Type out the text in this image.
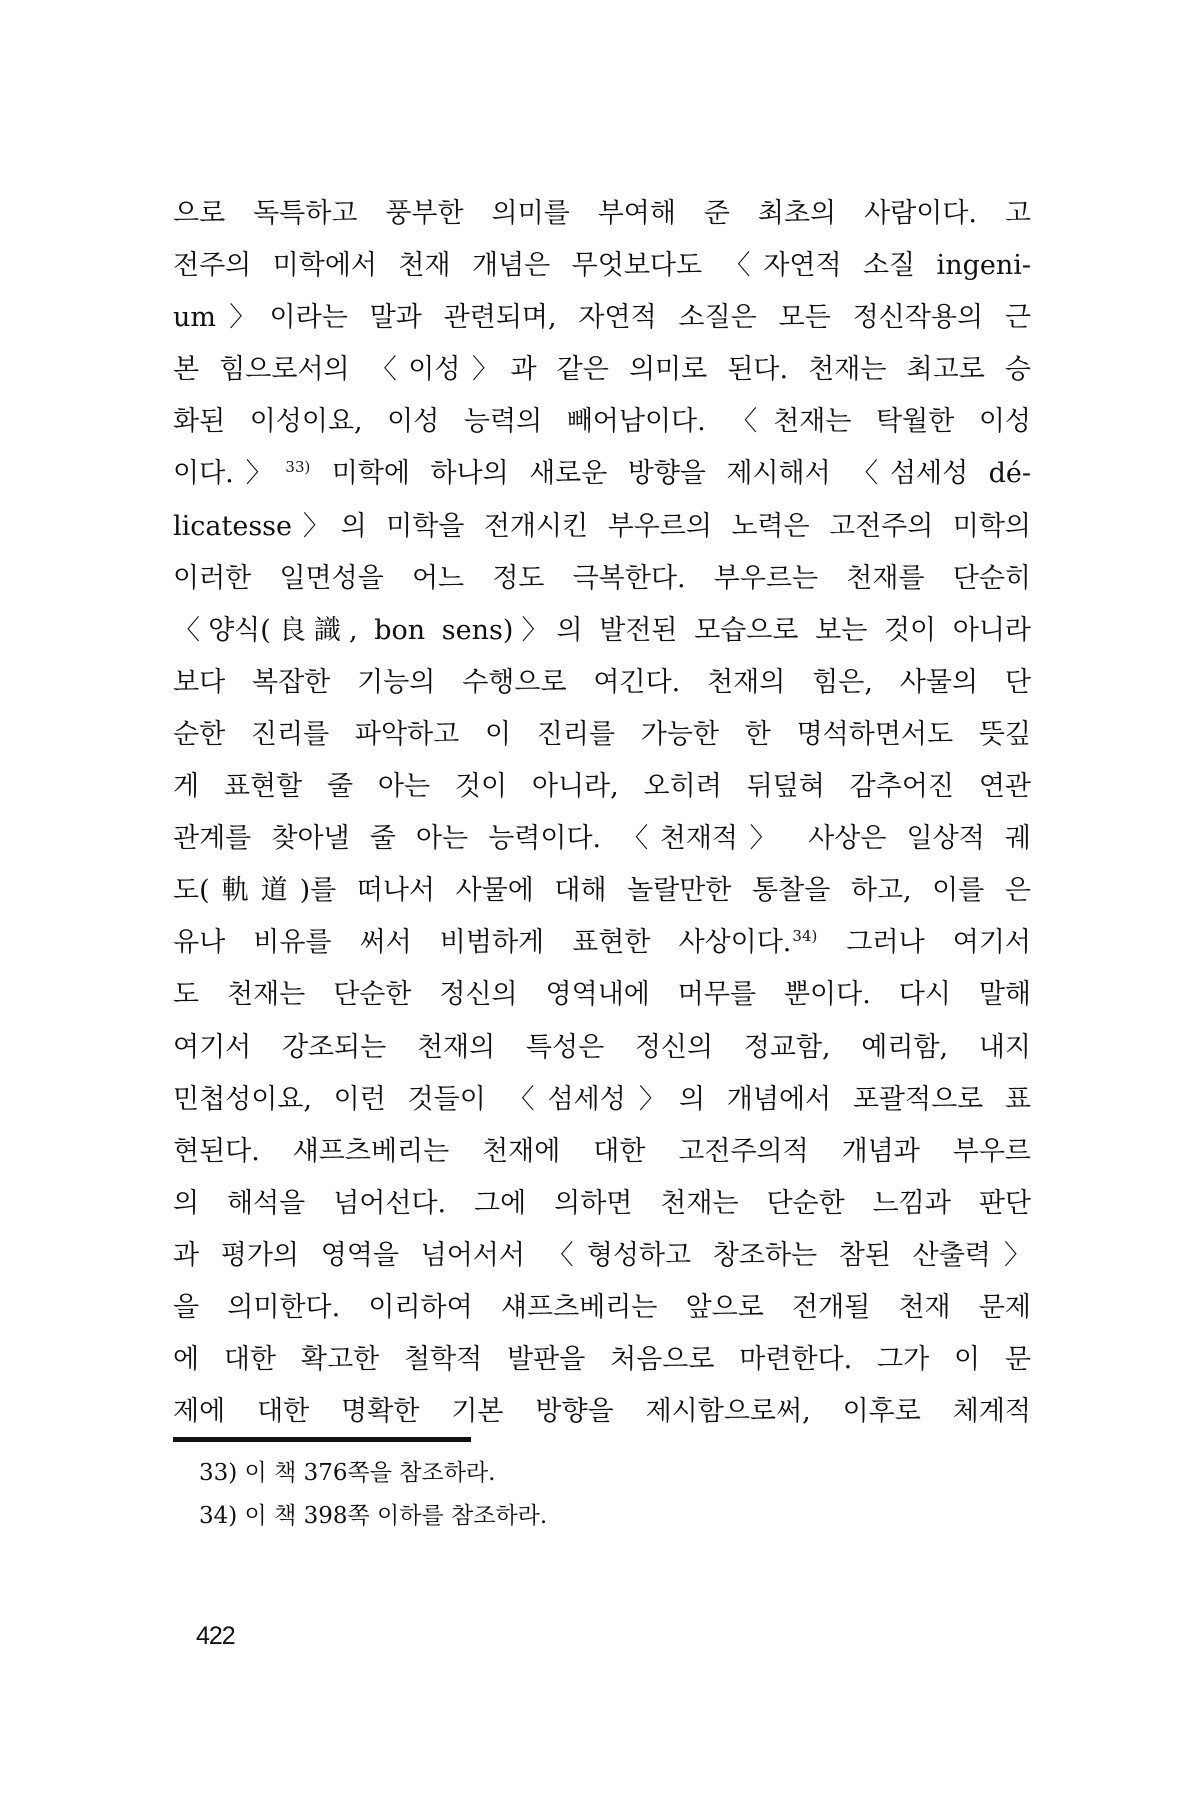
으로 독특하고 풍부한 의미를 부여해 준 최초의 사람이다. 고
전주의 미학에서 천재 개념은 무엇보다도 〈자연적 소질 ingeni-
um〉이라는 말과 관련되며, 자연적 소질은 모든 정신작용의 근
본 힘으로서의 〈이성〉과 같은 의미로 된다. 천재는 최고로 승
화된 이성이요, 이성 능력의 빼어남이다. 〈천재는 탁월한 이성
이다.〉$^{33)}$ 미학에 하나의 새로운 방향을 제시해서 〈섬세성 dé-
licatesse〉의 미학을 전개시킨 부우르의 노력은 고전주의 미학의
이러한 일면성을 어느 정도 극복한다. 부우르는 천재를 단순히
〈양식(良識, bon sens)〉의 발전된 모습으로 보는 것이 아니라
보다 복잡한 기능의 수행으로 여긴다. 천재의 힘은, 사물의 단
순한 진리를 파악하고 이 진리를 가능한 한 명석하면서도 뜻깊
게 표현할 줄 아는 것이 아니라, 오히려 뒤덮혀 감추어진 연관
관계를 찾아낼 줄 아는 능력이다. 〈천재적〉 사상은 일상적 궤
도(軌道)를 떠나서 사물에 대해 놀랄만한 통찰을 하고, 이를 은
유나 비유를 써서 비범하게 표현한 사상이다.$^{34)}$ 그러나 여기서
도 천재는 단순한 정신의 영역내에 머무를 뿐이다. 다시 말해
여기서 강조되는 천재의 특성은 정신의 정교함, 예리함, 내지
민첩성이요, 이런 것들이 〈섬세성〉의 개념에서 포괄적으로 표
현된다. 섀프츠베리는 천재에 대한 고전주의적 개념과 부우르
의 해석을 넘어선다. 그에 의하면 천재는 단순한 느낌과 판단
과 평가의 영역을 넘어서서 〈형성하고 창조하는 참된 산출력〉
을 의미한다. 이리하여 섀프츠베리는 앞으로 전개될 천재 문제
에 대한 확고한 철학적 발판을 처음으로 마련한다. 그가 이 문
제에 대한 명확한 기본 방향을 제시함으로써, 이후로 체계적
33) 이 책 376쪽을 참조하라.
34) 이 책 398쪽 이하를 참조하라.
422
